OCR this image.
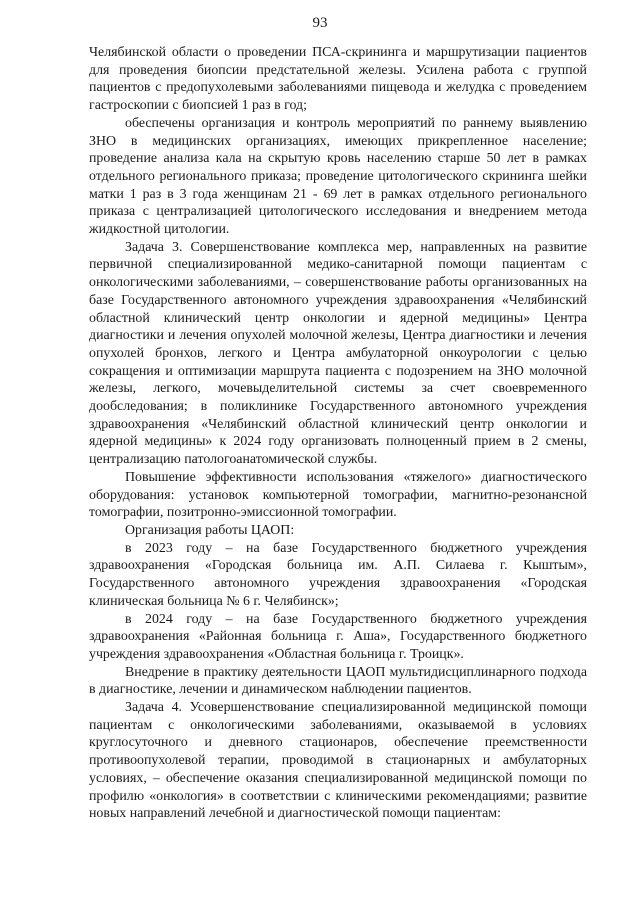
93

Челябинской области о проведении ПСА-скрининга и маршрутизации пациентов для проведения биопсии предстательной железы. Усилена работа с группой пациентов с предопухолевыми заболеваниями пищевода и желудка с проведением гастроскопии с биопсией 1 раз в год;

обеспечены организация и контроль мероприятий по раннему выявлению ЗНО в медицинских организациях, имеющих прикрепленное население; проведение анализа кала на скрытую кровь населению старше 50 лет в рамках отдельного регионального приказа; проведение цитологического скрининга шейки матки 1 раз в 3 года женщинам 21 - 69 лет в рамках отдельного регионального приказа с централизацией цитологического исследования и внедрением метода жидкостной цитологии.

Задача 3. Совершенствование комплекса мер, направленных на развитие первичной специализированной медико-санитарной помощи пациентам с онкологическими заболеваниями, – совершенствование работы организованных на базе Государственного автономного учреждения здравоохранения «Челябинский областной клинический центр онкологии и ядерной медицины» Центра диагностики и лечения опухолей молочной железы, Центра диагностики и лечения опухолей бронхов, легкого и Центра амбулаторной онкоурологии с целью сокращения и оптимизации маршрута пациента с подозрением на ЗНО молочной железы, легкого, мочевыделительной системы за счет своевременного дообследования; в поликлинике Государственного автономного учреждения здравоохранения «Челябинский областной клинический центр онкологии и ядерной медицины» к 2024 году организовать полноценный прием в 2 смены, централизацию патологоанатомической службы.

Повышение эффективности использования «тяжелого» диагностического оборудования: установок компьютерной томографии, магнитно-резонансной томографии, позитронно-эмиссионной томографии.

Организация работы ЦАОП:

в 2023 году – на базе Государственного бюджетного учреждения здравоохранения «Городская больница им. А.П. Силаева г. Кыштым», Государственного автономного учреждения здравоохранения «Городская клиническая больница № 6 г. Челябинск»;

в 2024 году – на базе Государственного бюджетного учреждения здравоохранения «Районная больница г. Аша», Государственного бюджетного учреждения здравоохранения «Областная больница г. Троицк».

Внедрение в практику деятельности ЦАОП мультидисциплинарного подхода в диагностике, лечении и динамическом наблюдении пациентов.

Задача 4. Усовершенствование специализированной медицинской помощи пациентам с онкологическими заболеваниями, оказываемой в условиях круглосуточного и дневного стационаров, обеспечение преемственности противоопухолевой терапии, проводимой в стационарных и амбулаторных условиях, – обеспечение оказания специализированной медицинской помощи по профилю «онкология» в соответствии с клиническими рекомендациями; развитие новых направлений лечебной и диагностической помощи пациентам:
